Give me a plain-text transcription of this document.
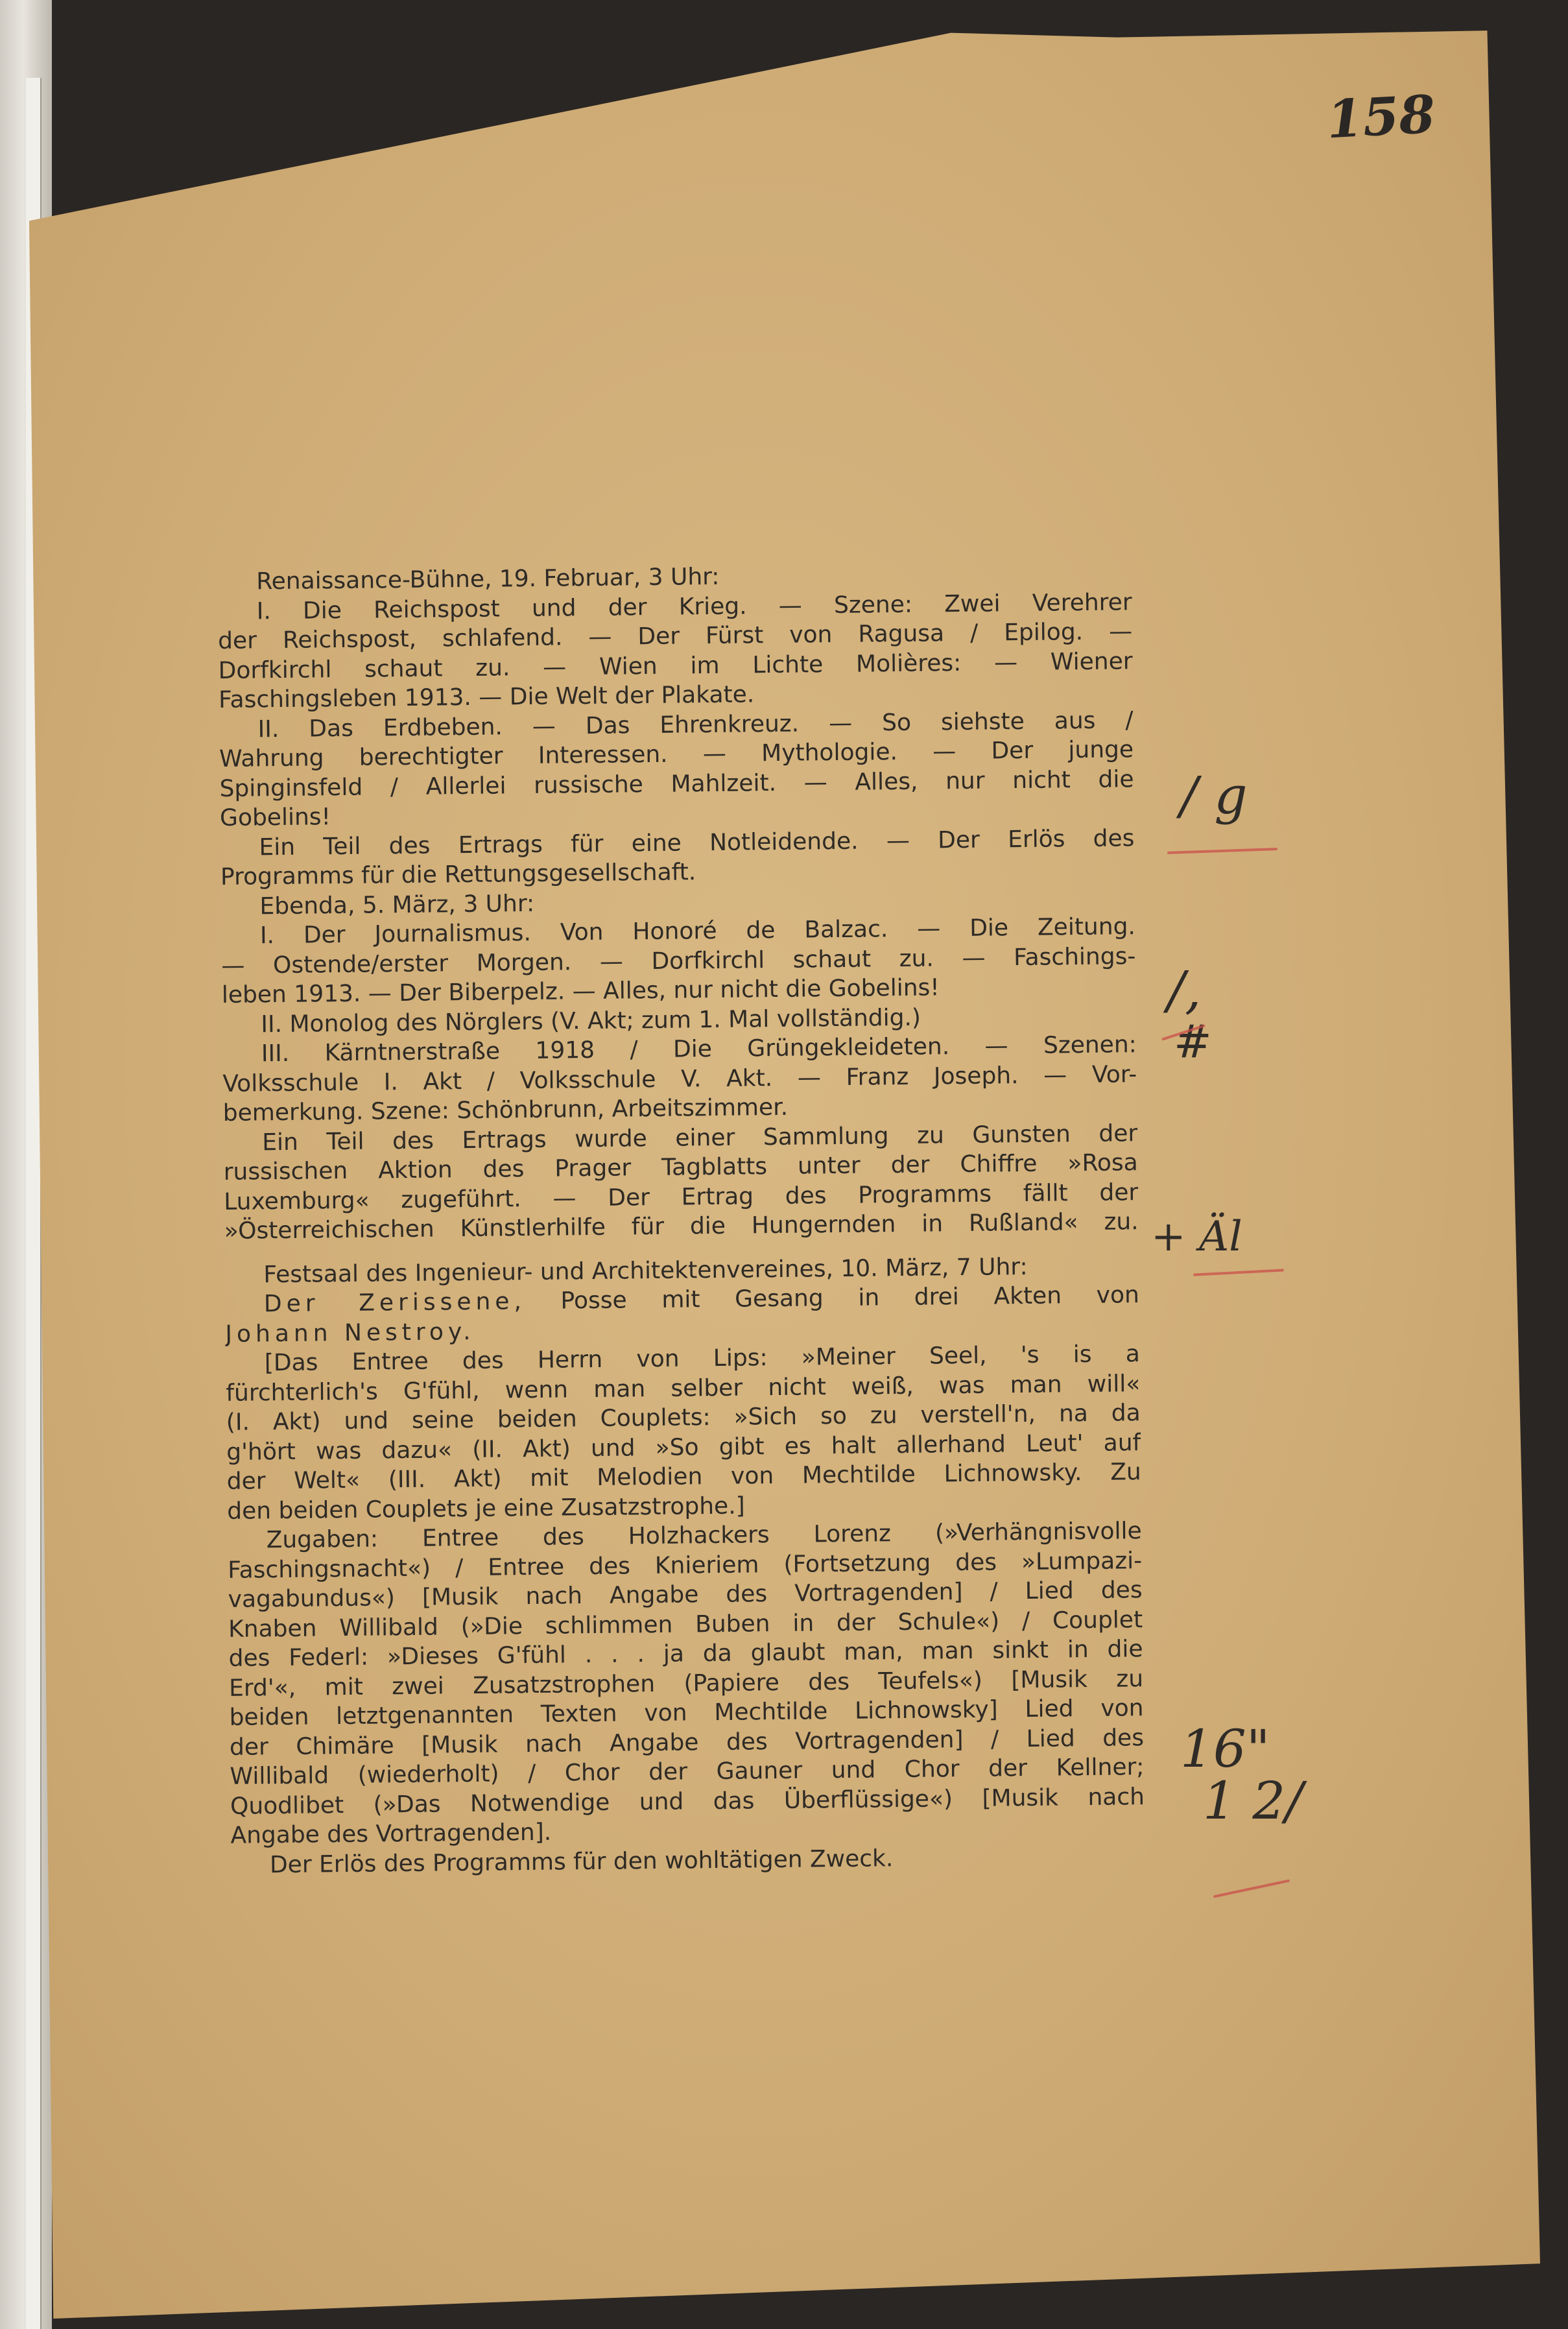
158
Renaissance-Bühne, 19. Februar, 3 Uhr:
I. Die Reichspost und der Krieg. — Szene: Zwei Verehrer
der Reichspost, schlafend. — Der Fürst von Ragusa / Epilog. —
Dorfkirchl schaut zu. — Wien im Lichte Molières: — Wiener
Faschingsleben 1913. — Die Welt der Plakate.
II. Das Erdbeben. — Das Ehrenkreuz. — So siehste aus /
Wahrung berechtigter Interessen. — Mythologie. — Der junge
Spinginsfeld / Allerlei russische Mahlzeit. — Alles, nur nicht die
Gobelins!
Ein Teil des Ertrags für eine Notleidende. — Der Erlös des
Programms für die Rettungsgesellschaft.
Ebenda, 5. März, 3 Uhr:
I. Der Journalismus. Von Honoré de Balzac. — Die Zeitung.
— Ostende/erster Morgen. — Dorfkirchl schaut zu. — Faschings-
leben 1913. — Der Biberpelz. — Alles, nur nicht die Gobelins!
II. Monolog des Nörglers (V. Akt; zum 1. Mal vollständig.)
III. Kärntnerstraße 1918 / Die Grüngekleideten. — Szenen:
Volksschule I. Akt / Volksschule V. Akt. — Franz Joseph. — Vor-
bemerkung. Szene: Schönbrunn, Arbeitszimmer.
Ein Teil des Ertrags wurde einer Sammlung zu Gunsten der
russischen Aktion des Prager Tagblatts unter der Chiffre »Rosa
Luxemburg« zugeführt. — Der Ertrag des Programms fällt der
»Österreichischen Künstlerhilfe für die Hungernden in Rußland« zu.
Festsaal des Ingenieur- und Architektenvereines, 10. März, 7 Uhr:
Der Zerissene, Posse mit Gesang in drei Akten von
Johann Nestroy.
[Das Entree des Herrn von Lips: »Meiner Seel, 's is a
fürchterlich's G'fühl, wenn man selber nicht weiß, was man will«
(I. Akt) und seine beiden Couplets: »Sich so zu verstell'n, na da
g'hört was dazu« (II. Akt) und »So gibt es halt allerhand Leut' auf
der Welt« (III. Akt) mit Melodien von Mechtilde Lichnowsky. Zu
den beiden Couplets je eine Zusatzstrophe.]
Zugaben: Entree des Holzhackers Lorenz (»Verhängnisvolle
Faschingsnacht«) / Entree des Knieriem (Fortsetzung des »Lumpazi-
vagabundus«) [Musik nach Angabe des Vortragenden] / Lied des
Knaben Willibald (»Die schlimmen Buben in der Schule«) / Couplet
des Federl: »Dieses G'fühl . . . ja da glaubt man, man sinkt in die
Erd'«, mit zwei Zusatzstrophen (Papiere des Teufels«) [Musik zu
beiden letztgenannten Texten von Mechtilde Lichnowsky] Lied von
der Chimäre [Musik nach Angabe des Vortragenden] / Lied des
Willibald (wiederholt) / Chor der Gauner und Chor der Kellner;
Quodlibet (»Das Notwendige und das Überflüssige«) [Musik nach
Angabe des Vortragenden].
Der Erlös des Programms für den wohltätigen Zweck.
/ g
/,
#
+ Äl
16"
1 2/
